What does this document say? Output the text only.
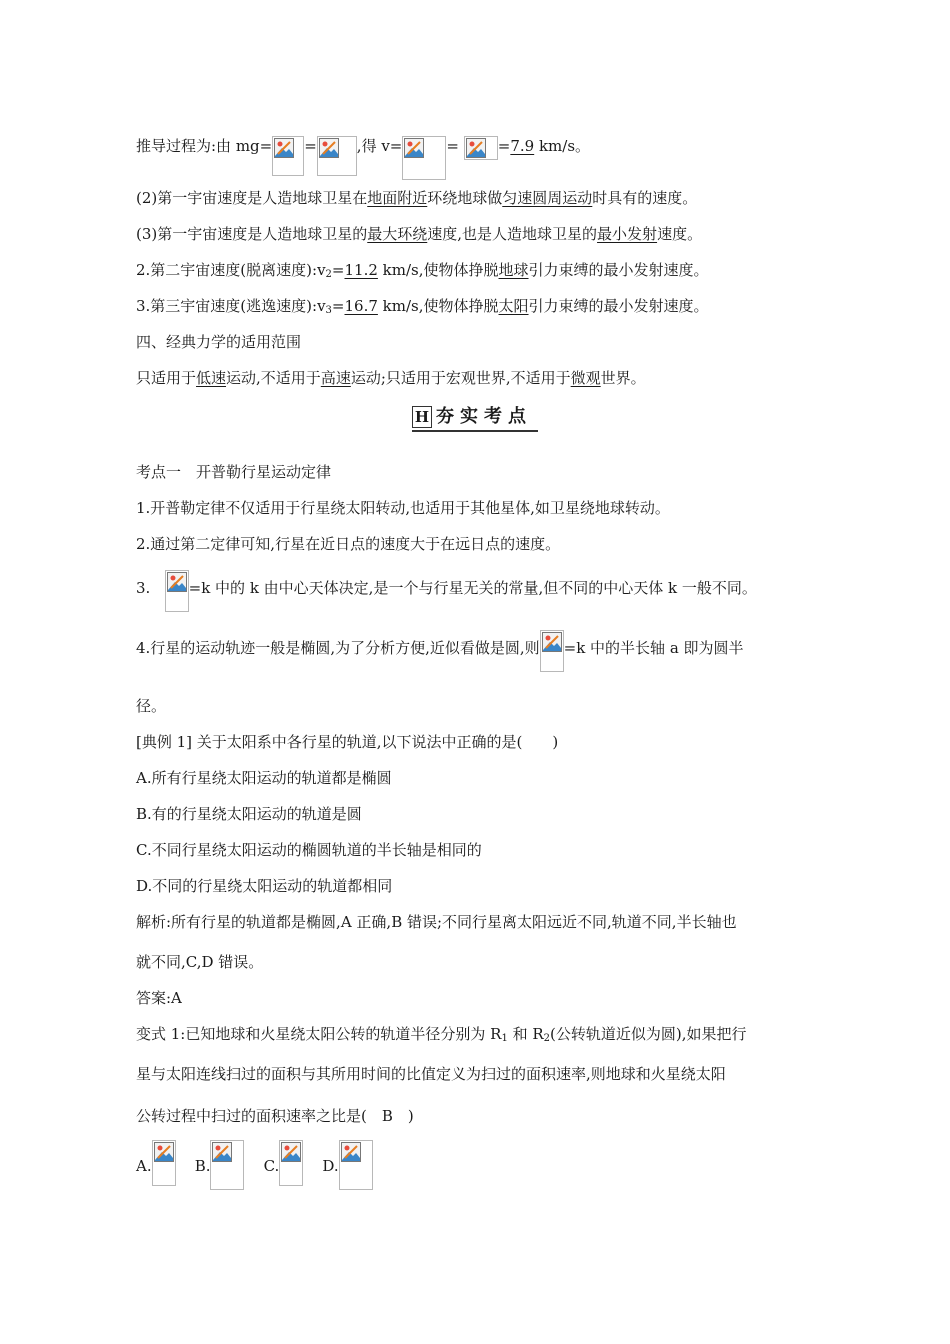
推导过程为:由 mg= =	,得 v=	=	=7.9 km/s。
(2)第一宇宙速度是人造地球卫星在地面附近环绕地球做匀速圆周运动时具有的速度。
(3)第一宇宙速度是人造地球卫星的最大环绕速度,也是人造地球卫星的最小发射速度。
2.第二宇宙速度(脱离速度)$:v_2=11.2$ km/s,使物体挣脱地球引力束缚的最小发射速度。
3.第三宇宙速度(逃逸速度)$:v_3=16.7$ km/s,使物体挣脱太阳引力束缚的最小发射速度。
四、经典力学的适用范围
只适用于低速运动,不适用于高速运动;只适用于宏观世界,不适用于微观世界。
H 夯实考点
考点一　开普勒行星运动定律
1.开普勒定律不仅适用于行星绕太阳转动,也适用于其他星体,如卫星绕地球转动。
2.通过第二定律可知,行星在近日点的速度大于在远日点的速度。
3.	=k 中的 k 由中心天体决定,是一个与行星无关的常量,但不同的中心天体 k 一般不同。
4.行星的运动轨迹一般是椭圆,为了分析方便,近似看做是圆,则 =k 中的半长轴 a 即为圆半
径。
[典例 1] 关于太阳系中各行星的轨道,以下说法中正确的是(　　)
A.所有行星绕太阳运动的轨道都是椭圆
B.有的行星绕太阳运动的轨道是圆
C.不同行星绕太阳运动的椭圆轨道的半长轴是相同的
D.不同的行星绕太阳运动的轨道都相同
解析:所有行星的轨道都是椭圆,A 正确,B 错误;不同行星离太阳远近不同,轨道不同,半长轴也
就不同,C,D 错误。
答案:A
变式 1:已知地球和火星绕太阳公转的轨道半径分别为 $R_1$ 和 $R_2$(公转轨道近似为圆),如果把行
星与太阳连线扫过的面积与其所用时间的比值定义为扫过的面积速率,则地球和火星绕太阳
公转过程中扫过的面积速率之比是(　B　)
A.	B.	C.	D.
